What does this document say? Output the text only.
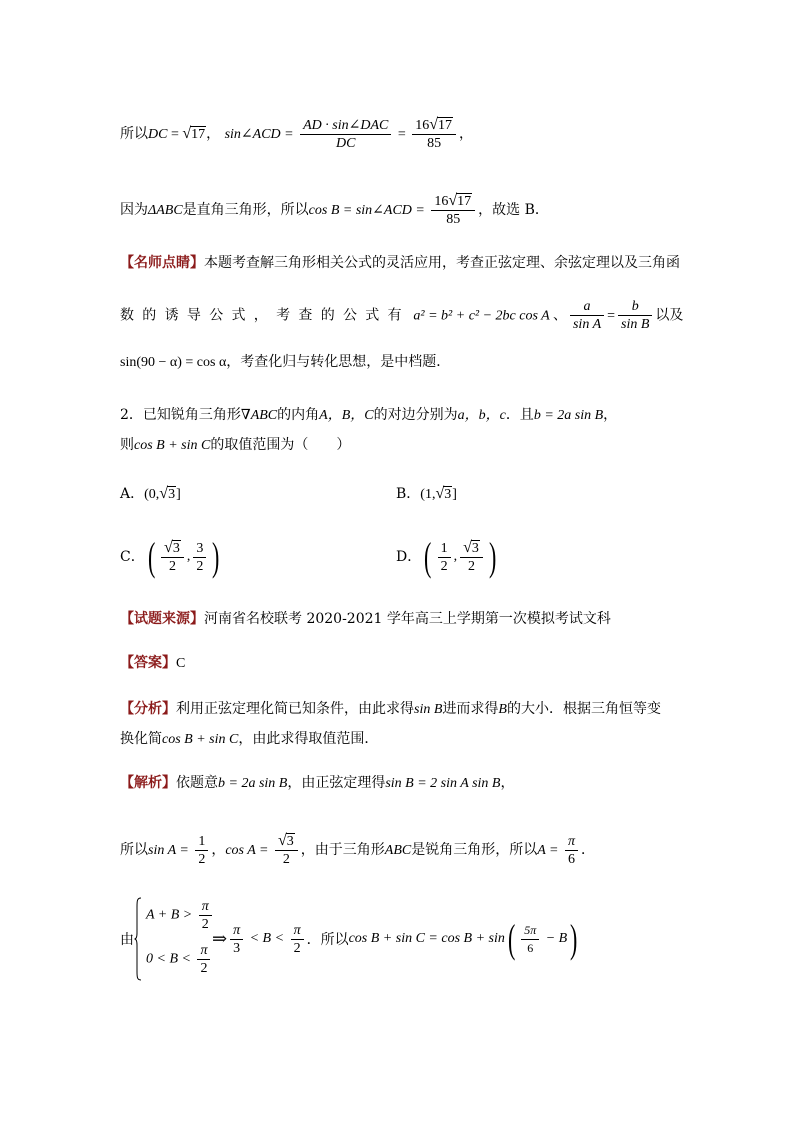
所以DC = √17， sin∠ACD = $\frac{\text{AD · sin∠DAC}}{DC} = \frac{16√17}{85}$ ，
因为ΔABC是直角三角形，所以cos B = sin∠ACD = $\frac{16√17}{85}$ ，故选 B．
【名师点睛】本题考查解三角形相关公式的灵活应用，考查正弦定理、余弦定理以及三角函
数的诱导公式，考查的公式有 a² = b² + c² − 2bc cos A 、 $\frac{a}{\text{sin A}} = \frac{b}{\text{sin B}}$ 以及
sin(90 − α) = cos α，考查化归与转化思想，是中档题．
2．已知锐角三角形∇ABC的内角A，B，C的对边分别为a，b，c．且b = 2a sin B，
则cos B + sin C的取值范围为（　　）
A．(0,√3]	B．(1,√3]
C．( $\frac{√3}{2}$ , $\frac{3}{2}$ )	D．( $\frac{1}{2}$ , $\frac{√3}{2}$ )
【试题来源】河南省名校联考 2020-2021 学年高三上学期第一次模拟考试文科
【答案】C
【分析】利用正弦定理化简已知条件，由此求得sin B进而求得B的大小．根据三角恒等变
换化简cos B + sin C，由此求得取值范围．
【解析】依题意b = 2a sin B，由正弦定理得sin B = 2 sin A sin B，
所以$\sin A = \frac{1}{2}$ ，$\cos A = \frac{√3}{2}$ ，由于三角形ABC是锐角三角形，所以$A = \frac{\pi}{6}$ ．
由
$A + B > \frac{\pi}{2}$
$0 < B < \frac{\pi}{2}$
⇒ $\frac{\pi}{3} < B < \frac{\pi}{2}$ ．所以$\cos B + \sin C = \cos B + \sin( \frac{5\pi}{6} - B)$
